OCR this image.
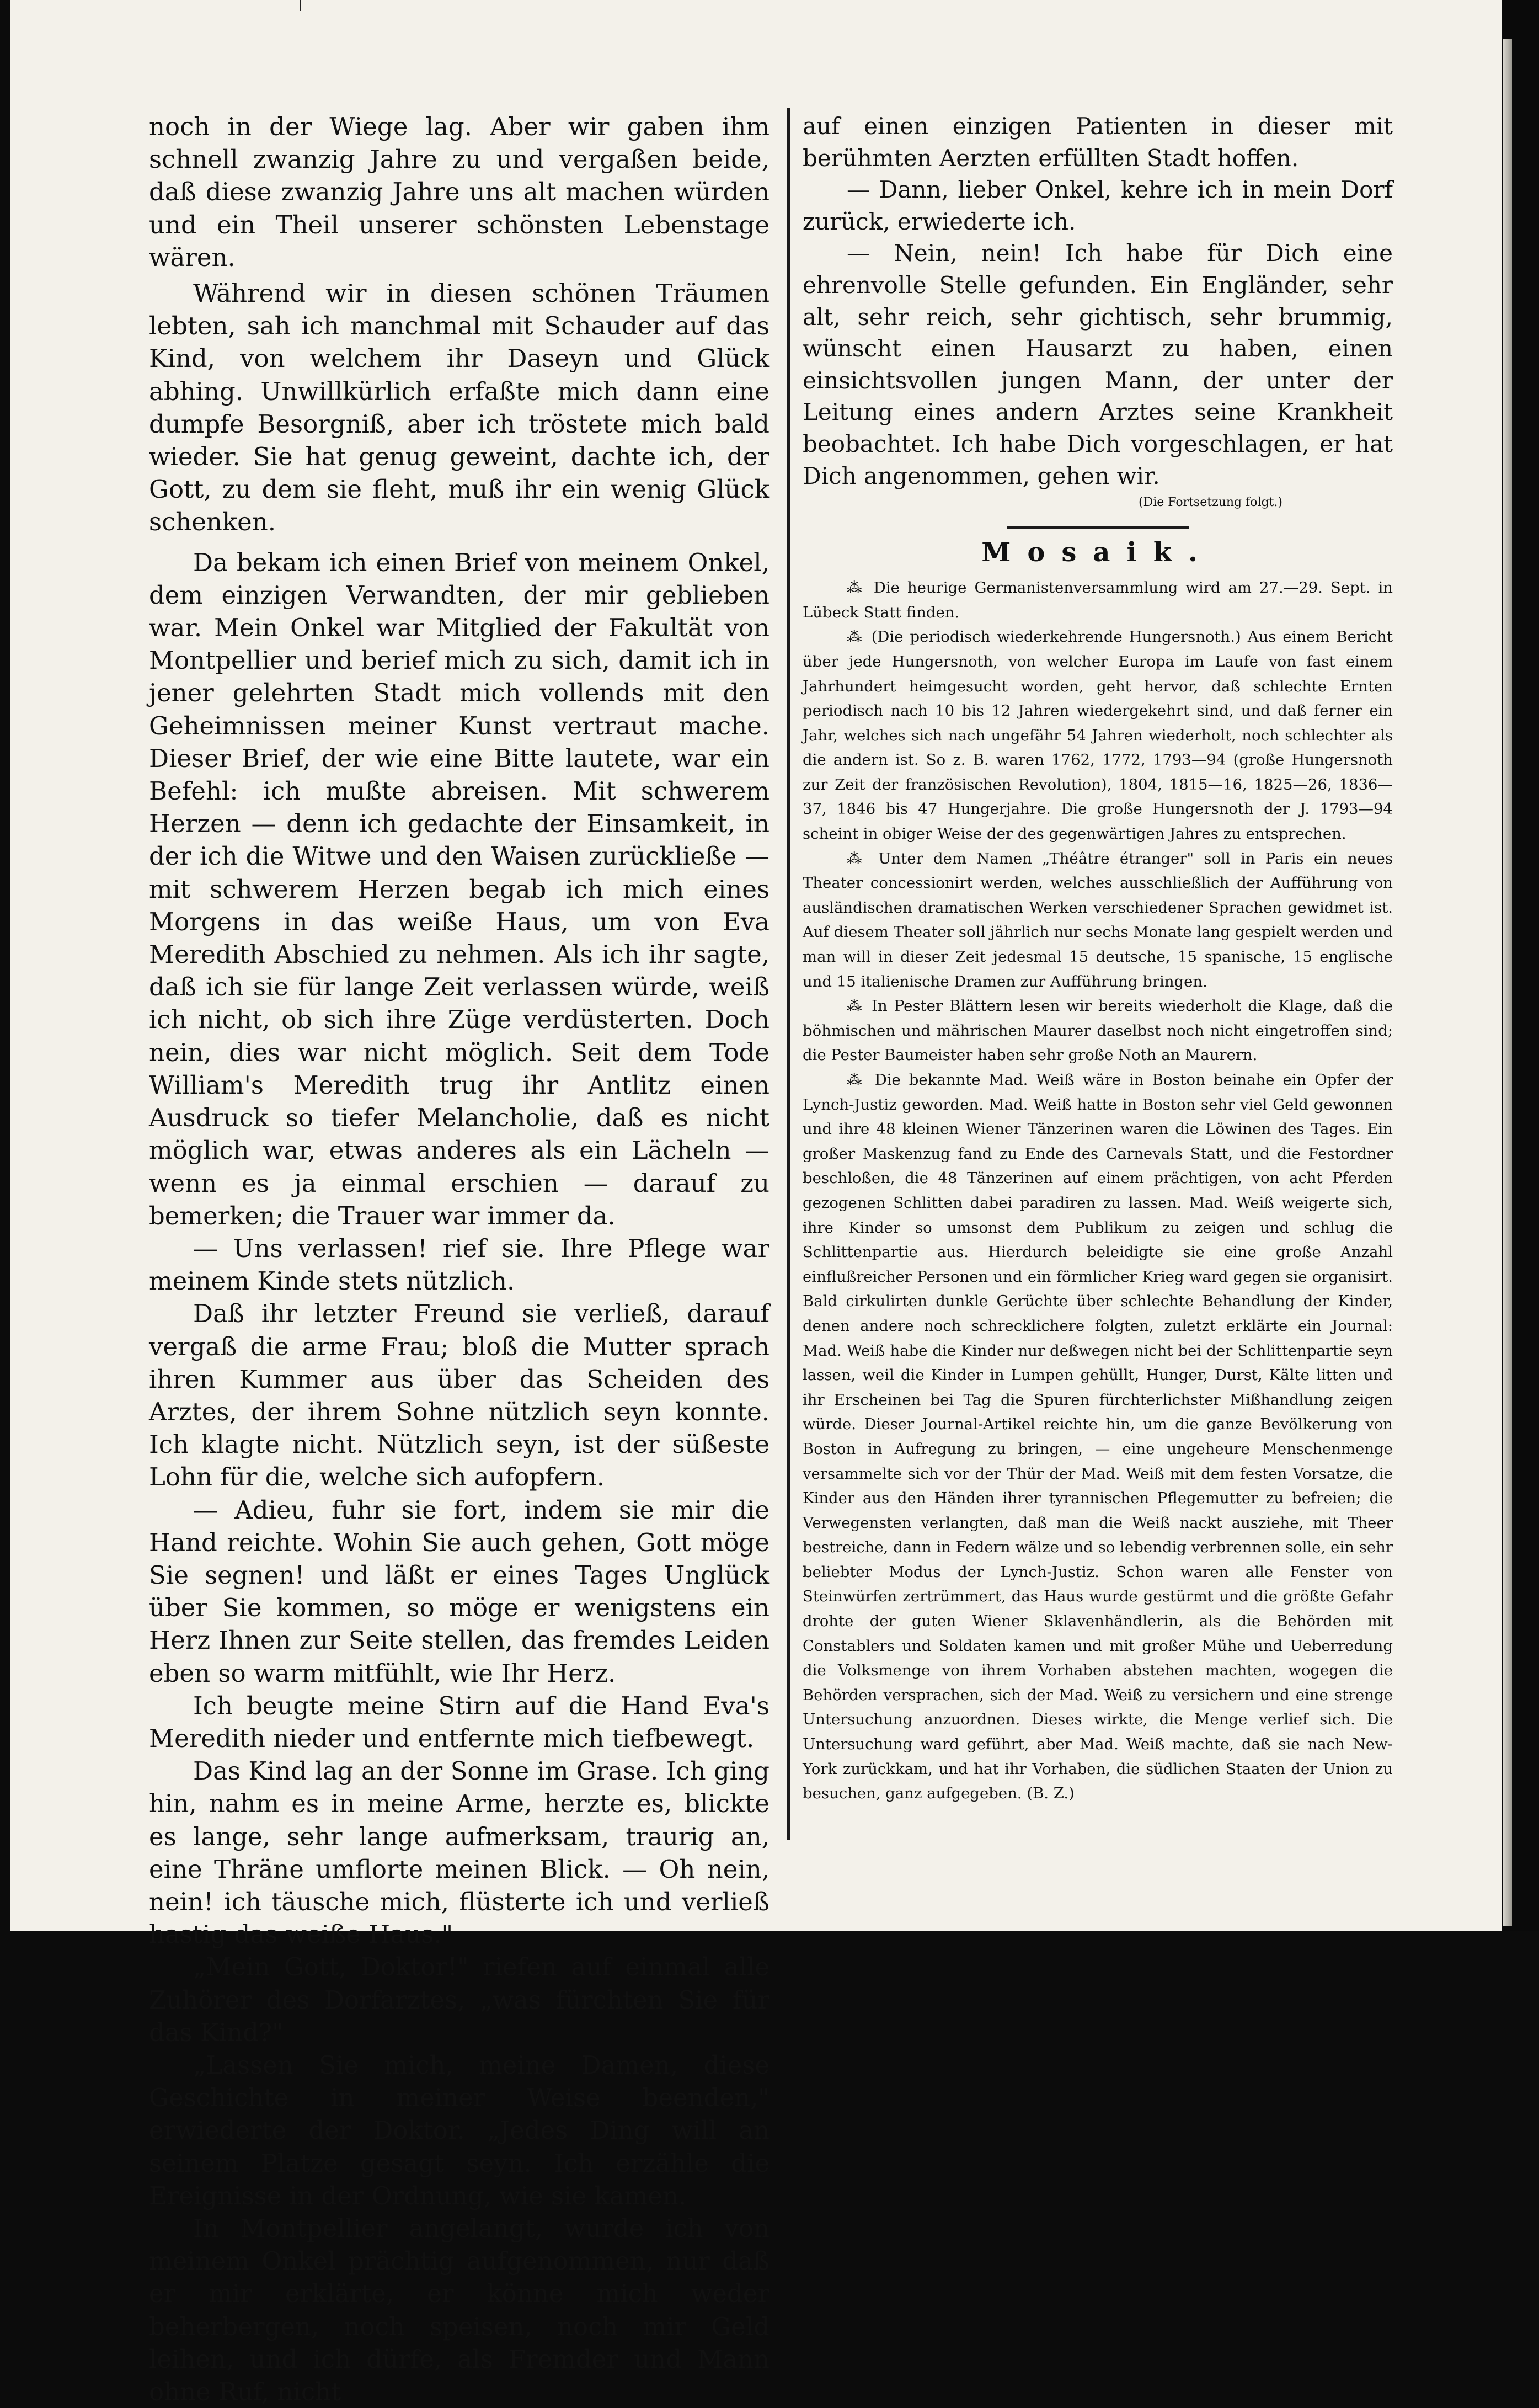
noch in der Wiege lag. Aber wir gaben ihm schnell zwanzig Jahre zu und vergaßen beide, daß diese zwanzig Jahre uns alt machen würden und ein Theil unserer schönsten Lebenstage wären.

Während wir in diesen schönen Träumen lebten, sah ich manchmal mit Schauder auf das Kind, von welchem ihr Daseyn und Glück abhing. Unwillkürlich erfaßte mich dann eine dumpfe Besorgniß, aber ich tröstete mich bald wieder. Sie hat genug geweint, dachte ich, der Gott, zu dem sie fleht, muß ihr ein wenig Glück schenken.

Da bekam ich einen Brief von meinem Onkel, dem einzigen Verwandten, der mir geblieben war. Mein Onkel war Mitglied der Fakultät von Montpellier und berief mich zu sich, damit ich in jener gelehrten Stadt mich vollends mit den Geheimnissen meiner Kunst vertraut mache. Dieser Brief, der wie eine Bitte lautete, war ein Befehl: ich mußte abreisen. Mit schwerem Herzen — denn ich gedachte der Einsamkeit, in der ich die Witwe und den Waisen zurückließe — mit schwerem Herzen begab ich mich eines Morgens in das weiße Haus, um von Eva Meredith Abschied zu nehmen. Als ich ihr sagte, daß ich sie für lange Zeit verlassen würde, weiß ich nicht, ob sich ihre Züge verdüsterten. Doch nein, dies war nicht möglich. Seit dem Tode William's Meredith trug ihr Antlitz einen Ausdruck so tiefer Melancholie, daß es nicht möglich war, etwas anderes als ein Lächeln — wenn es ja einmal erschien — darauf zu bemerken; die Trauer war immer da.

— Uns verlassen! rief sie. Ihre Pflege war meinem Kinde stets nützlich.

Daß ihr letzter Freund sie verließ, darauf vergaß die arme Frau; bloß die Mutter sprach ihren Kummer aus über das Scheiden des Arztes, der ihrem Sohne nützlich seyn konnte. Ich klagte nicht. Nützlich seyn, ist der süßeste Lohn für die, welche sich aufopfern.

— Adieu, fuhr sie fort, indem sie mir die Hand reichte. Wohin Sie auch gehen, Gott möge Sie segnen! und läßt er eines Tages Unglück über Sie kommen, so möge er wenigstens ein Herz Ihnen zur Seite stellen, das fremdes Leiden eben so warm mitfühlt, wie Ihr Herz.

Ich beugte meine Stirn auf die Hand Eva's Meredith nieder und entfernte mich tiefbewegt.

Das Kind lag an der Sonne im Grase. Ich ging hin, nahm es in meine Arme, herzte es, blickte es lange, sehr lange aufmerksam, traurig an, eine Thräne umflorte meinen Blick. — Oh nein, nein! ich täusche mich, flüsterte ich und verließ hastig das weiße Haus."

„Mein Gott, Doktor!" riefen auf einmal alle Zuhörer des Dorfarztes, „was fürchten Sie für das Kind?"

„Lassen Sie mich, meine Damen, diese Geschichte in meiner Weise beenden," erwiederte der Doktor. „Jedes Ding will an seinem Platze gesagt seyn. Ich erzähle die Ereignisse in der Ordnung, wie sie kamen.

In Montpellier angelangt, wurde ich von meinem Onkel prächtig aufgenommen, nur daß er mir erklärte, er könne mich weder beherbergen, noch speisen, noch mir Geld leihen, und ich dürfe, als Fremder und Mann ohne Ruf, nicht

auf einen einzigen Patienten in dieser mit berühmten Aerzten erfüllten Stadt hoffen.

— Dann, lieber Onkel, kehre ich in mein Dorf zurück, erwiederte ich.

— Nein, nein! Ich habe für Dich eine ehrenvolle Stelle gefunden. Ein Engländer, sehr alt, sehr reich, sehr gichtisch, sehr brummig, wünscht einen Hausarzt zu haben, einen einsichtsvollen jungen Mann, der unter der Leitung eines andern Arztes seine Krankheit beobachtet. Ich habe Dich vorgeschlagen, er hat Dich angenommen, gehen wir.

(Die Fortsetzung folgt.)

Mosaik.

⁂ Die heurige Germanistenversammlung wird am 27.—29. Sept. in Lübeck Statt finden.

⁂ (Die periodisch wiederkehrende Hungersnoth.) Aus einem Bericht über jede Hungersnoth, von welcher Europa im Laufe von fast einem Jahrhundert heimgesucht worden, geht hervor, daß schlechte Ernten periodisch nach 10 bis 12 Jahren wiedergekehrt sind, und daß ferner ein Jahr, welches sich nach ungefähr 54 Jahren wiederholt, noch schlechter als die andern ist. So z. B. waren 1762, 1772, 1793—94 (große Hungersnoth zur Zeit der französischen Revolution), 1804, 1815—16, 1825—26, 1836—37, 1846 bis 47 Hungerjahre. Die große Hungersnoth der J. 1793—94 scheint in obiger Weise der des gegenwärtigen Jahres zu entsprechen.

⁂ Unter dem Namen „Théâtre étranger" soll in Paris ein neues Theater concessionirt werden, welches ausschließlich der Aufführung von ausländischen dramatischen Werken verschiedener Sprachen gewidmet ist. Auf diesem Theater soll jährlich nur sechs Monate lang gespielt werden und man will in dieser Zeit jedesmal 15 deutsche, 15 spanische, 15 englische und 15 italienische Dramen zur Aufführung bringen.

⁂ In Pester Blättern lesen wir bereits wiederholt die Klage, daß die böhmischen und mährischen Maurer daselbst noch nicht eingetroffen sind; die Pester Baumeister haben sehr große Noth an Maurern.

⁂ Die bekannte Mad. Weiß wäre in Boston beinahe ein Opfer der Lynch-Justiz geworden. Mad. Weiß hatte in Boston sehr viel Geld gewonnen und ihre 48 kleinen Wiener Tänzerinen waren die Löwinen des Tages. Ein großer Maskenzug fand zu Ende des Carnevals Statt, und die Festordner beschloßen, die 48 Tänzerinen auf einem prächtigen, von acht Pferden gezogenen Schlitten dabei paradiren zu lassen. Mad. Weiß weigerte sich, ihre Kinder so umsonst dem Publikum zu zeigen und schlug die Schlittenpartie aus. Hierdurch beleidigte sie eine große Anzahl einflußreicher Personen und ein förmlicher Krieg ward gegen sie organisirt. Bald cirkulirten dunkle Gerüchte über schlechte Behandlung der Kinder, denen andere noch schrecklichere folgten, zuletzt erklärte ein Journal: Mad. Weiß habe die Kinder nur deßwegen nicht bei der Schlittenpartie seyn lassen, weil die Kinder in Lumpen gehüllt, Hunger, Durst, Kälte litten und ihr Erscheinen bei Tag die Spuren fürchterlichster Mißhandlung zeigen würde. Dieser Journal-Artikel reichte hin, um die ganze Bevölkerung von Boston in Aufregung zu bringen, — eine ungeheure Menschenmenge versammelte sich vor der Thür der Mad. Weiß mit dem festen Vorsatze, die Kinder aus den Händen ihrer tyrannischen Pflegemutter zu befreien; die Verwegensten verlangten, daß man die Weiß nackt ausziehe, mit Theer bestreiche, dann in Federn wälze und so lebendig verbrennen solle, ein sehr beliebter Modus der Lynch-Justiz. Schon waren alle Fenster von Steinwürfen zertrümmert, das Haus wurde gestürmt und die größte Gefahr drohte der guten Wiener Sklavenhändlerin, als die Behörden mit Constablers und Soldaten kamen und mit großer Mühe und Ueberredung die Volksmenge von ihrem Vorhaben abstehen machten, wogegen die Behörden versprachen, sich der Mad. Weiß zu versichern und eine strenge Untersuchung anzuordnen. Dieses wirkte, die Menge verlief sich. Die Untersuchung ward geführt, aber Mad. Weiß machte, daß sie nach New-York zurückkam, und hat ihr Vorhaben, die südlichen Staaten der Union zu besuchen, ganz aufgegeben. (B. Z.)
